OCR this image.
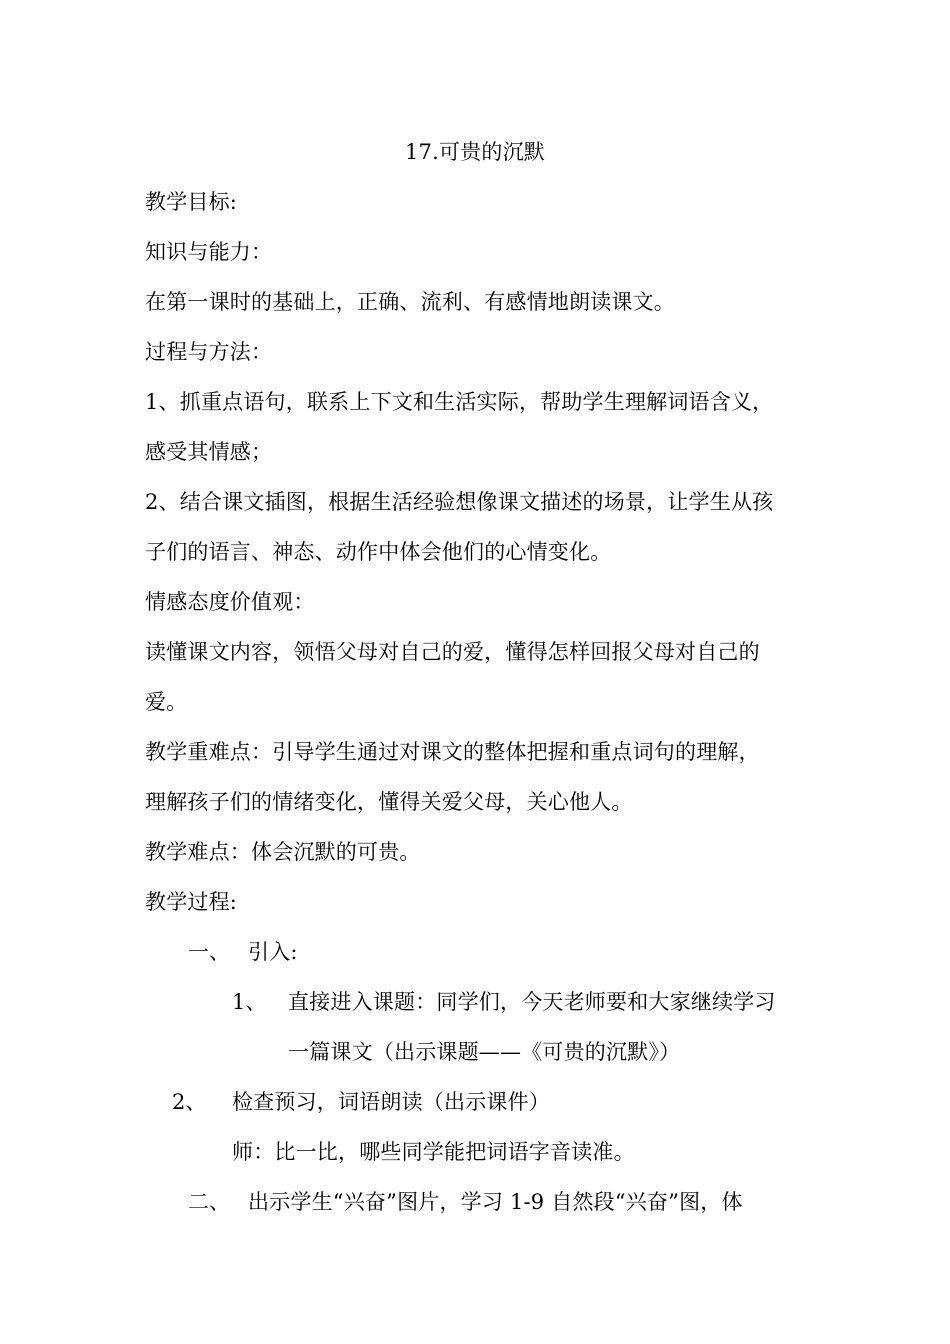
17.可贵的沉默
教学目标:
知识与能力：
在第一课时的基础上，正确、流利、有感情地朗读课文。
过程与方法：
1、抓重点语句，联系上下文和生活实际，帮助学生理解词语含义，
感受其情感；
2、结合课文插图，根据生活经验想像课文描述的场景，让学生从孩
子们的语言、神态、动作中体会他们的心情变化。
情感态度价值观：
读懂课文内容，领悟父母对自己的爱，懂得怎样回报父母对自己的
爱。
教学重难点：引导学生通过对课文的整体把握和重点词句的理解，
理解孩子们的情绪变化，懂得关爱父母，关心他人。
教学难点：体会沉默的可贵。
教学过程:
一、 引入:
1、 直接进入课题：同学们，今天老师要和大家继续学习
一篇课文（出示课题——《可贵的沉默》）
2、 检查预习，词语朗读（出示课件）
师：比一比，哪些同学能把词语字音读准。
二、 出示学生“兴奋”图片，学习 1-9 自然段“兴奋”图，体
